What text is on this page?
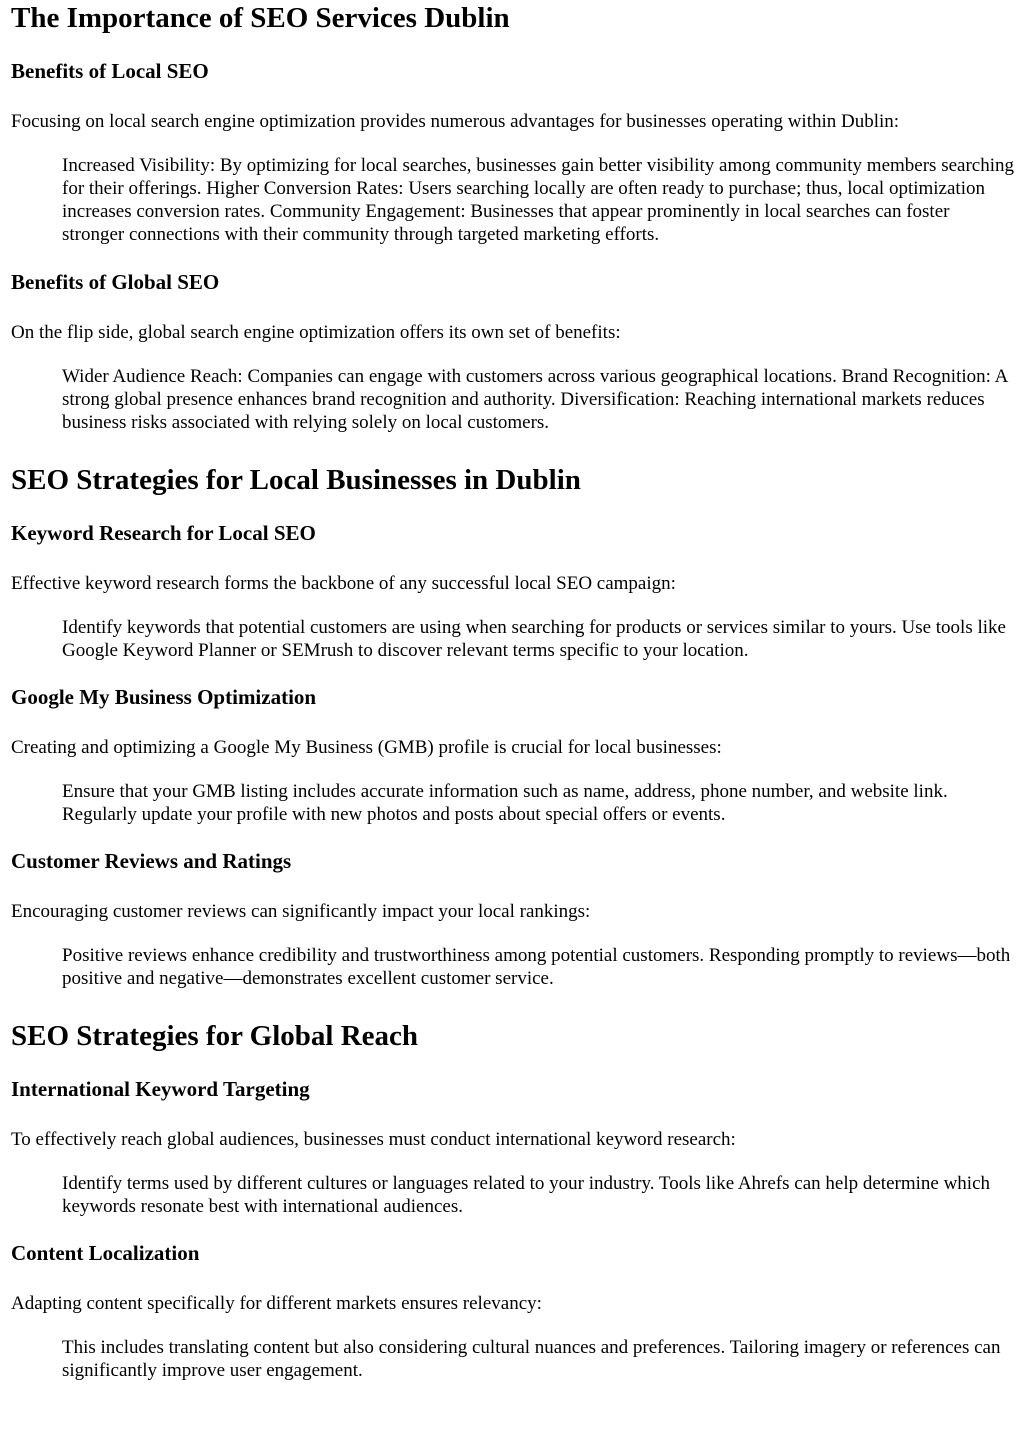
The Importance of SEO Services Dublin
Benefits of Local SEO

Focusing on local search engine optimization provides numerous advantages for businesses operating within Dublin:

Increased Visibility: By optimizing for local searches, businesses gain better visibility among community members searching for their offerings. Higher Conversion Rates: Users searching locally are often ready to purchase; thus, local optimization increases conversion rates. Community Engagement: Businesses that appear prominently in local searches can foster stronger connections with their community through targeted marketing efforts.
Benefits of Global SEO

On the flip side, global search engine optimization offers its own set of benefits:

Wider Audience Reach: Companies can engage with customers across various geographical locations. Brand Recognition: A strong global presence enhances brand recognition and authority. Diversification: Reaching international markets reduces business risks associated with relying solely on local customers.
SEO Strategies for Local Businesses in Dublin
Keyword Research for Local SEO

Effective keyword research forms the backbone of any successful local SEO campaign:

Identify keywords that potential customers are using when searching for products or services similar to yours. Use tools like Google Keyword Planner or SEMrush to discover relevant terms specific to your location.
Google My Business Optimization

Creating and optimizing a Google My Business (GMB) profile is crucial for local businesses:

Ensure that your GMB listing includes accurate information such as name, address, phone number, and website link. Regularly update your profile with new photos and posts about special offers or events.
Customer Reviews and Ratings

Encouraging customer reviews can significantly impact your local rankings:

Positive reviews enhance credibility and trustworthiness among potential customers. Responding promptly to reviews—both positive and negative—demonstrates excellent customer service.
SEO Strategies for Global Reach
International Keyword Targeting

To effectively reach global audiences, businesses must conduct international keyword research:

Identify terms used by different cultures or languages related to your industry. Tools like Ahrefs can help determine which keywords resonate best with international audiences.
Content Localization

Adapting content specifically for different markets ensures relevancy:

This includes translating content but also considering cultural nuances and preferences. Tailoring imagery or references can significantly improve user engagement.
